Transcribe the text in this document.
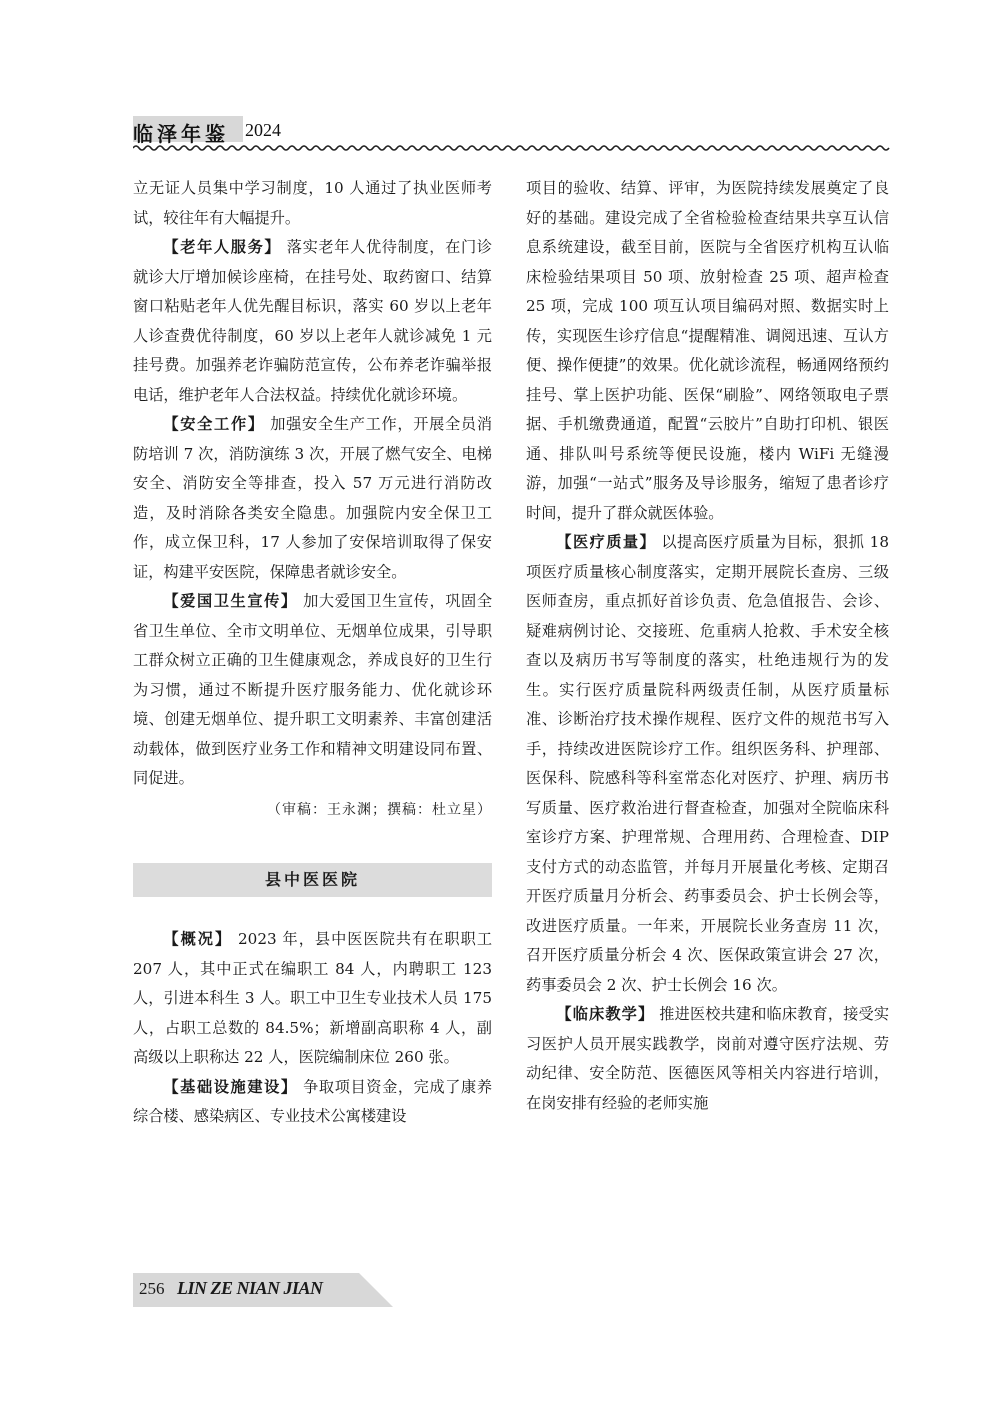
临泽年鉴 2024

立无证人员集中学习制度，10 人通过了执业医师考试，较往年有大幅提升。

【老年人服务】 落实老年人优待制度，在门诊就诊大厅增加候诊座椅，在挂号处、取药窗口、结算窗口粘贴老年人优先醒目标识，落实 60 岁以上老年人诊查费优待制度，60 岁以上老年人就诊减免 1 元挂号费。加强养老诈骗防范宣传，公布养老诈骗举报电话，维护老年人合法权益。持续优化就诊环境。

【安全工作】 加强安全生产工作，开展全员消防培训 7 次，消防演练 3 次，开展了燃气安全、电梯安全、消防安全等排查，投入 57 万元进行消防改造，及时消除各类安全隐患。加强院内安全保卫工作，成立保卫科，17 人参加了安保培训取得了保安证，构建平安医院，保障患者就诊安全。

【爱国卫生宣传】 加大爱国卫生宣传，巩固全省卫生单位、全市文明单位、无烟单位成果，引导职工群众树立正确的卫生健康观念，养成良好的卫生行为习惯，通过不断提升医疗服务能力、优化就诊环境、创建无烟单位、提升职工文明素养、丰富创建活动载体，做到医疗业务工作和精神文明建设同布置、同促进。

（审稿：王永渊；撰稿：杜立星）
县中医医院

【概况】 2023 年，县中医医院共有在职职工 207 人，其中正式在编职工 84 人，内聘职工 123 人，引进本科生 3 人。职工中卫生专业技术人员 175 人，占职工总数的 84.5%；新增副高职称 4 人，副高级以上职称达 22 人，医院编制床位 260 张。

【基础设施建设】 争取项目资金，完成了康养综合楼、感染病区、专业技术公寓楼建设

项目的验收、结算、评审，为医院持续发展奠定了良好的基础。建设完成了全省检验检查结果共享互认信息系统建设，截至目前，医院与全省医疗机构互认临床检验结果项目 50 项、放射检查 25 项、超声检查 25 项，完成 100 项互认项目编码对照、数据实时上传，实现医生诊疗信息“提醒精准、调阅迅速、互认方便、操作便捷”的效果。优化就诊流程，畅通网络预约挂号、掌上医护功能、医保“刷脸”、网络领取电子票据、手机缴费通道，配置“云胶片”自助打印机、银医通、排队叫号系统等便民设施，楼内 WiFi 无缝漫游，加强“一站式”服务及导诊服务，缩短了患者诊疗时间，提升了群众就医体验。

【医疗质量】 以提高医疗质量为目标，狠抓 18 项医疗质量核心制度落实，定期开展院长查房、三级医师查房，重点抓好首诊负责、危急值报告、会诊、疑难病例讨论、交接班、危重病人抢救、手术安全核查以及病历书写等制度的落实，杜绝违规行为的发生。实行医疗质量院科两级责任制，从医疗质量标准、诊断治疗技术操作规程、医疗文件的规范书写入手，持续改进医院诊疗工作。组织医务科、护理部、医保科、院感科等科室常态化对医疗、护理、病历书写质量、医疗救治进行督查检查，加强对全院临床科室诊疗方案、护理常规、合理用药、合理检查、DIP 支付方式的动态监管，并每月开展量化考核、定期召开医疗质量月分析会、药事委员会、护士长例会等，改进医疗质量。一年来，开展院长业务查房 11 次，召开医疗质量分析会 4 次、医保政策宣讲会 27 次，药事委员会 2 次、护士长例会 16 次。

【临床教学】 推进医校共建和临床教育，接受实习医护人员开展实践教学，岗前对遵守医疗法规、劳动纪律、安全防范、医德医风等相关内容进行培训，在岗安排有经验的老师实施

256 LIN ZE NIAN JIAN
